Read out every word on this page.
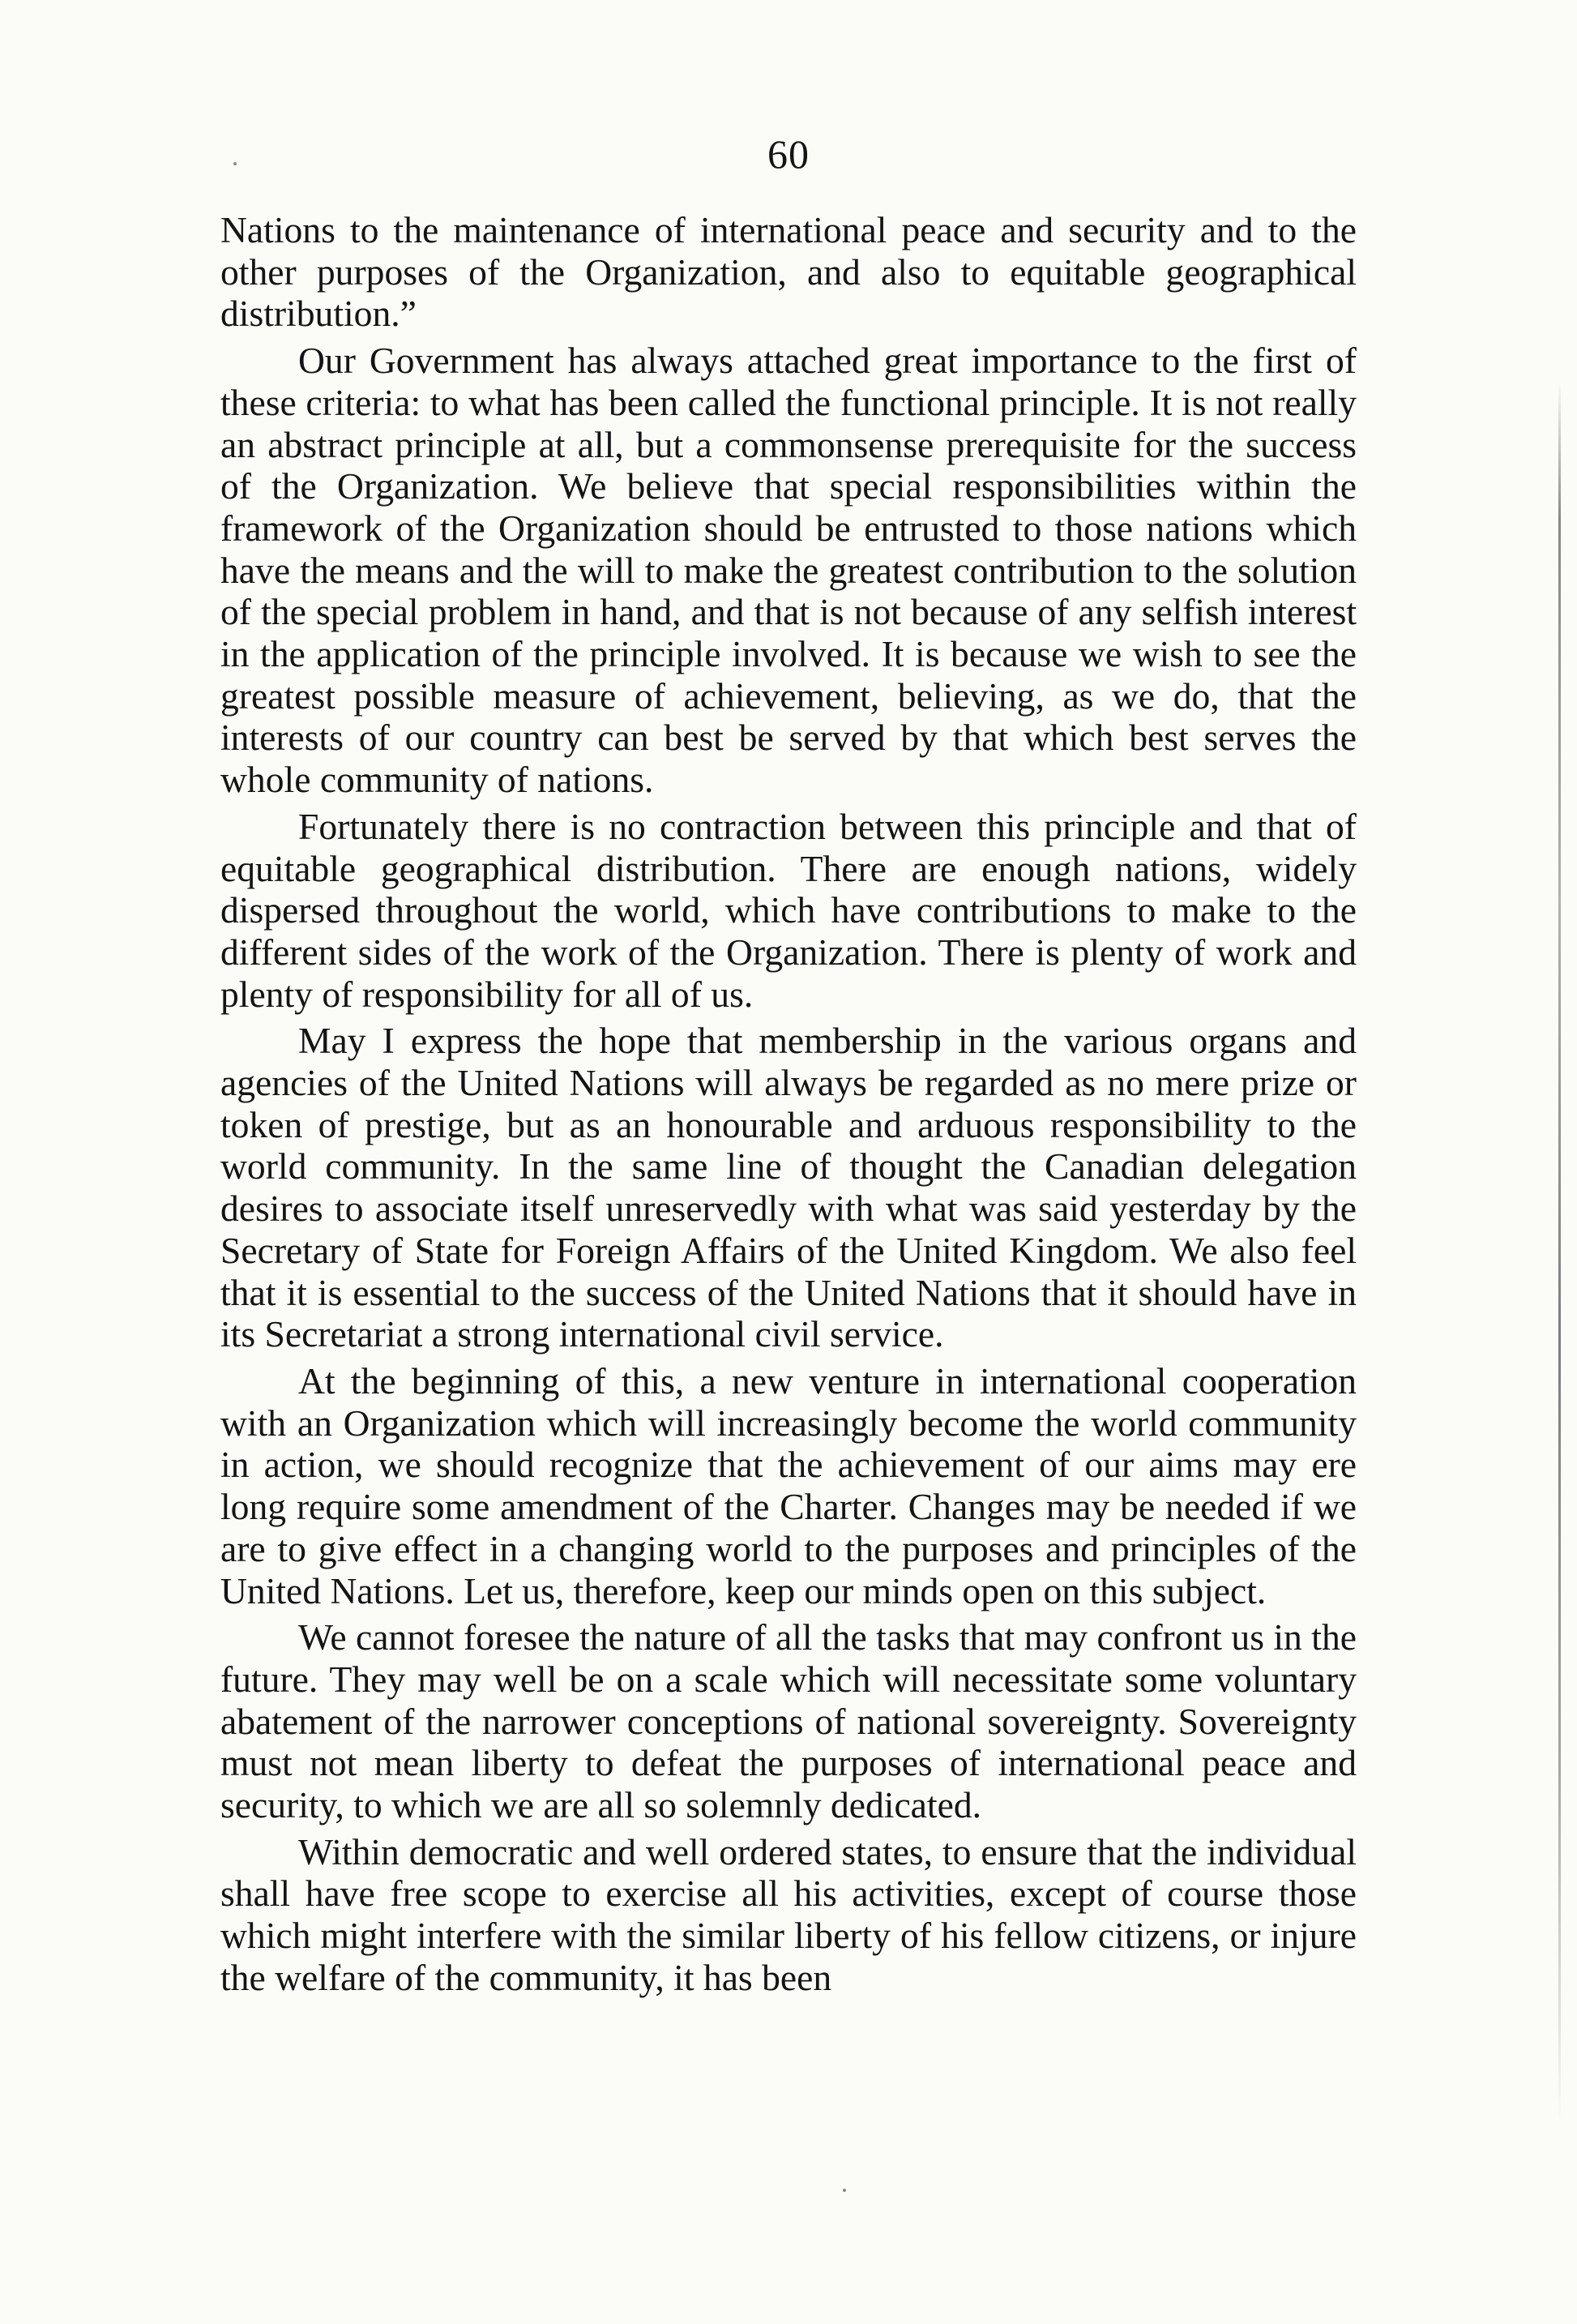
60

Nations to the maintenance of international peace and security and to the other purposes of the Organization, and also to equitable geographical distribution.”

Our Government has always attached great importance to the first of these criteria: to what has been called the functional principle. It is not really an abstract principle at all, but a commonsense prerequisite for the success of the Organization. We believe that special responsibilities within the framework of the Organization should be entrusted to those nations which have the means and the will to make the greatest contribution to the solution of the special problem in hand, and that is not because of any selfish interest in the application of the principle involved. It is because we wish to see the greatest possible measure of achievement, believing, as we do, that the interests of our country can best be served by that which best serves the whole community of nations.

Fortunately there is no contraction between this principle and that of equitable geographical distribution. There are enough nations, widely dispersed throughout the world, which have contributions to make to the different sides of the work of the Organization. There is plenty of work and plenty of responsibility for all of us.

May I express the hope that membership in the various organs and agencies of the United Nations will always be regarded as no mere prize or token of prestige, but as an honourable and arduous responsibility to the world community. In the same line of thought the Canadian delegation desires to associate itself unreservedly with what was said yesterday by the Secretary of State for Foreign Affairs of the United Kingdom. We also feel that it is essential to the success of the United Nations that it should have in its Secretariat a strong international civil service.

At the beginning of this, a new venture in international cooperation with an Organization which will increasingly become the world community in action, we should recognize that the achievement of our aims may ere long require some amendment of the Charter. Changes may be needed if we are to give effect in a changing world to the purposes and principles of the United Nations. Let us, therefore, keep our minds open on this subject.

We cannot foresee the nature of all the tasks that may confront us in the future. They may well be on a scale which will necessitate some voluntary abatement of the narrower conceptions of national sovereignty. Sovereignty must not mean liberty to defeat the purposes of international peace and security, to which we are all so solemnly dedicated.

Within democratic and well ordered states, to ensure that the individual shall have free scope to exercise all his activities, except of course those which might interfere with the similar liberty of his fellow citizens, or injure the welfare of the community, it has been
